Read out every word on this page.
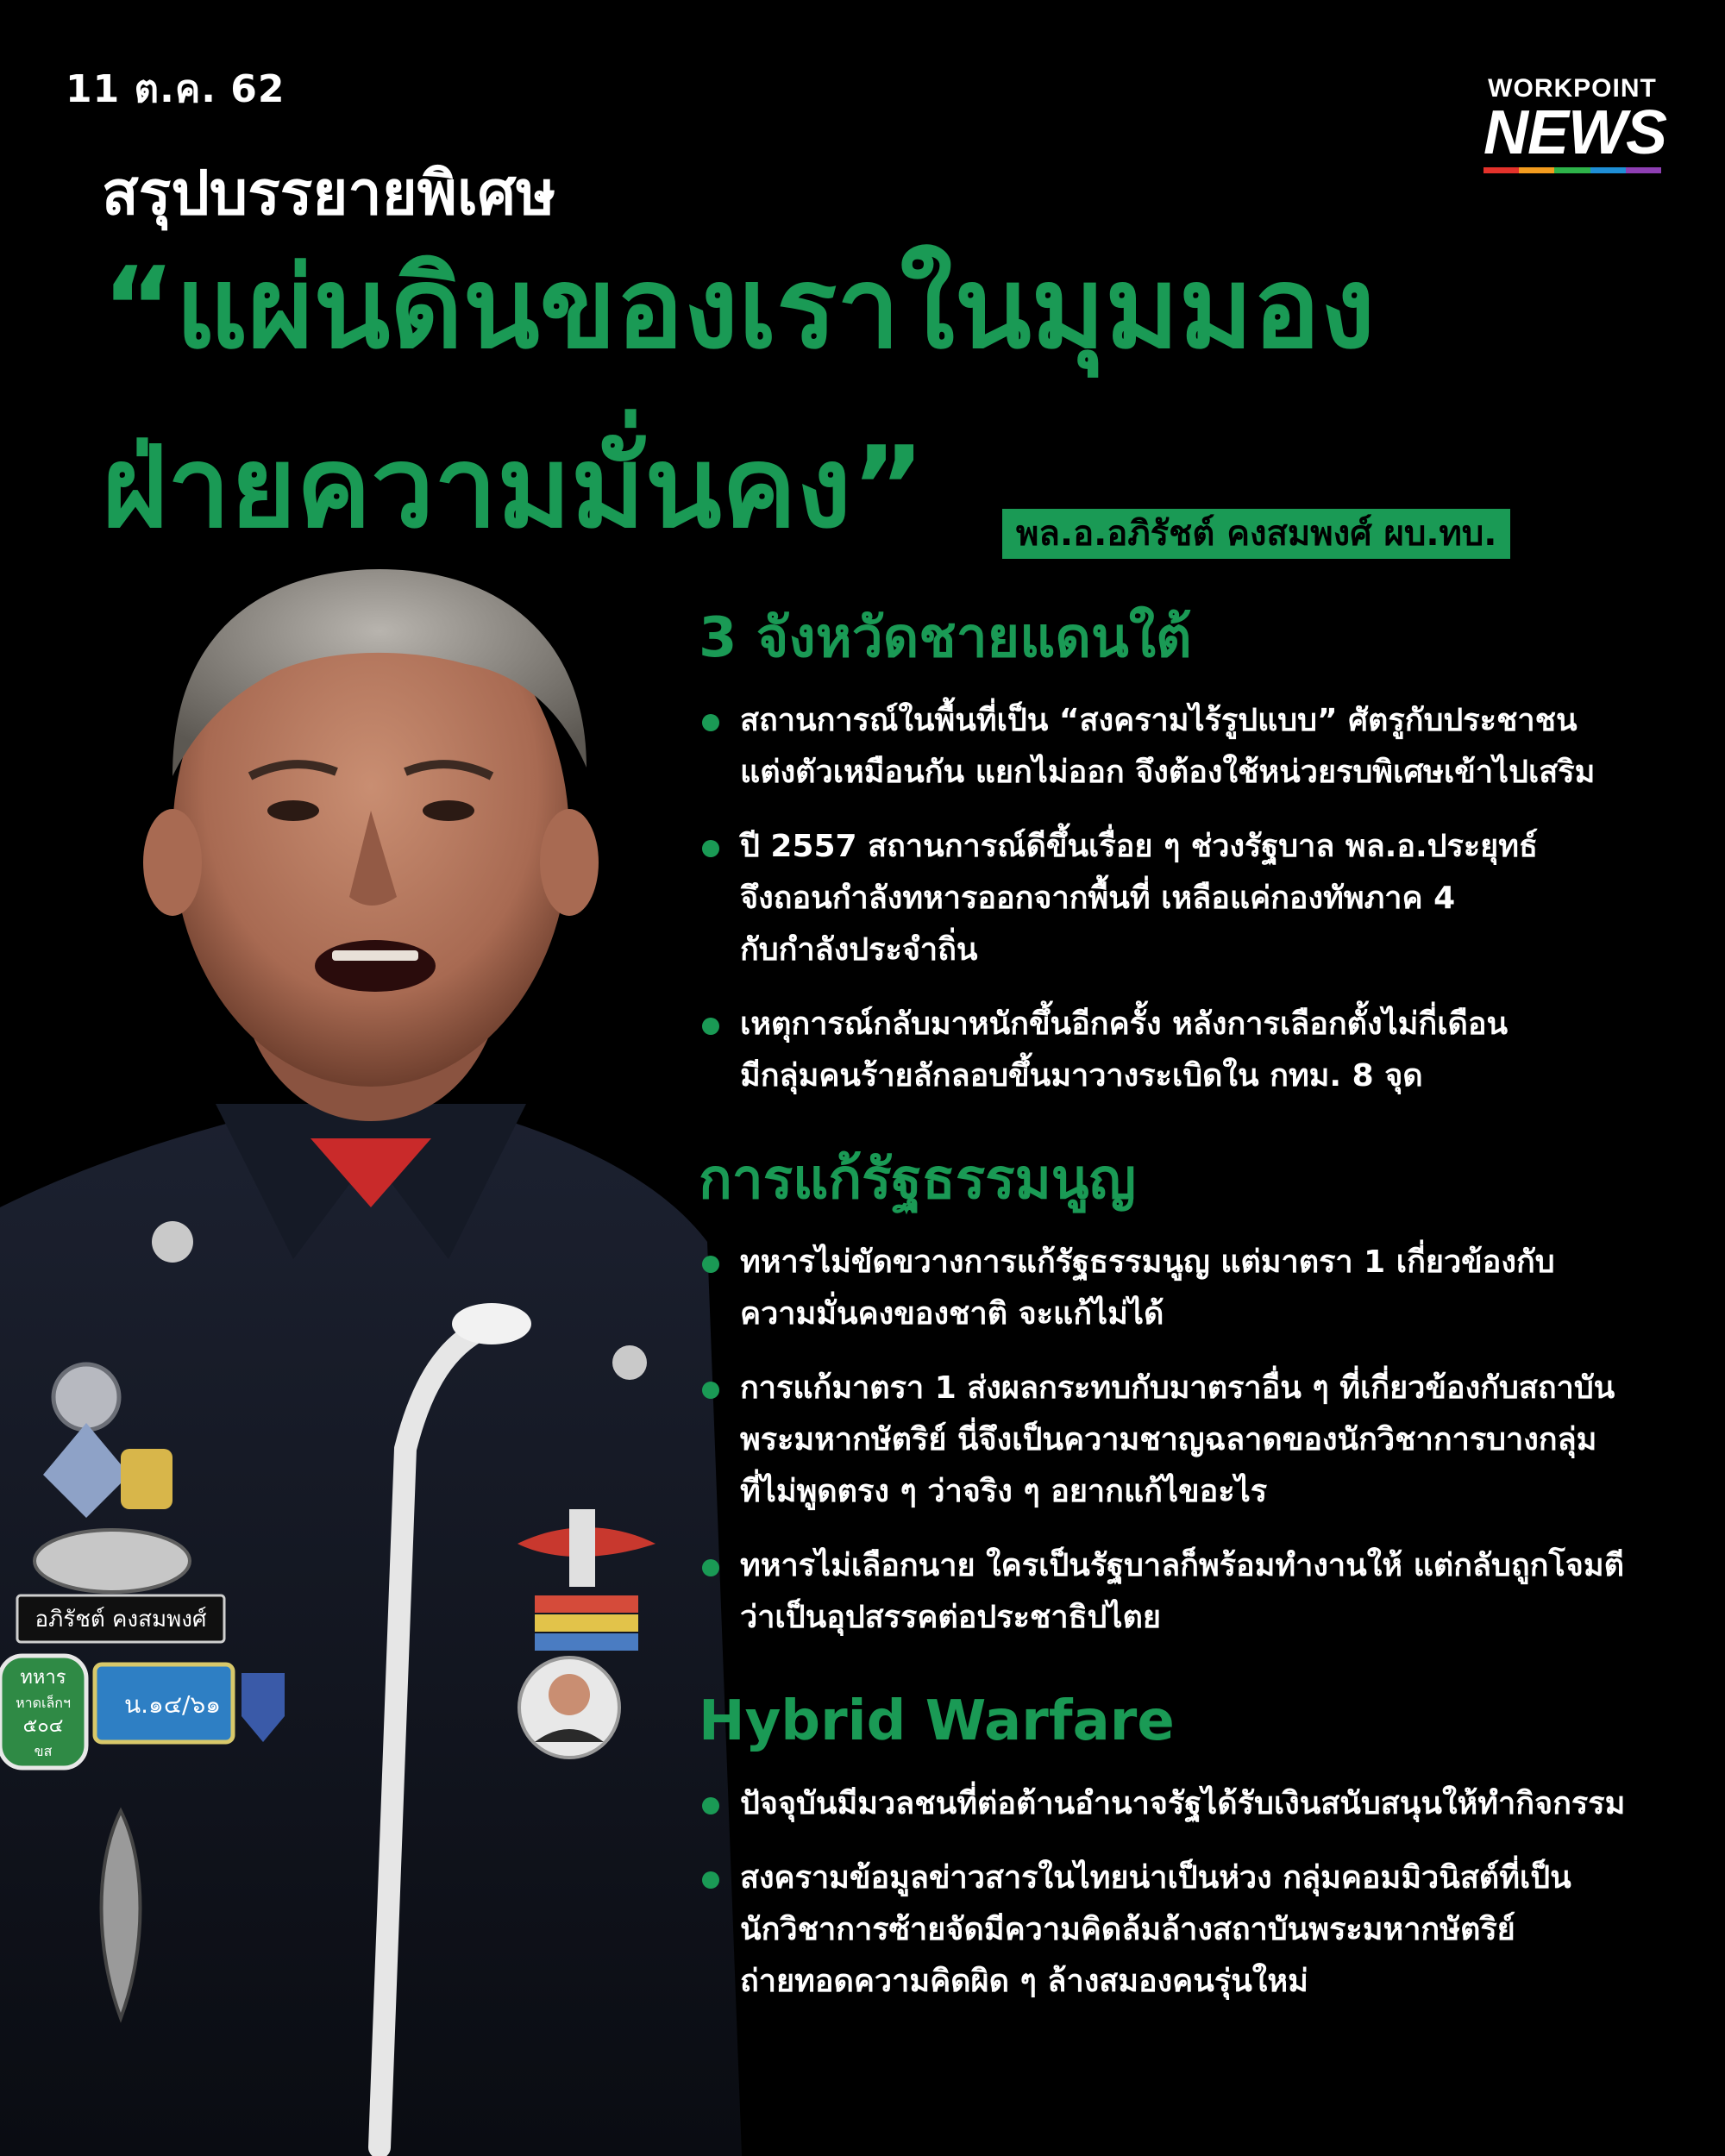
11 ต.ค. 62	WORKPOINT
NEWS
สรุปบรรยายพิเศษ
“แผ่นดินของเราในมุมมอง
ฝ่ายความมั่นคง”	พล.อ.อภิรัชต์ คงสมพงศ์ ผบ.ทบ.
อภิรัชต์ คงสมพงศ์
ทหาร
หาดเล็กฯ
๕๐๔
ขส
น.๑๔/๖๑
3 จังหวัดชายแดนใต้
สถานการณ์ในพื้นที่เป็น “สงครามไร้รูปแบบ” ศัตรูกับประชาชน
แต่งตัวเหมือนกัน แยกไม่ออก จึงต้องใช้หน่วยรบพิเศษเข้าไปเสริม
ปี 2557 สถานการณ์ดีขึ้นเรื่อย ๆ ช่วงรัฐบาล พล.อ.ประยุทธ์
จึงถอนกำลังทหารออกจากพื้นที่ เหลือแค่กองทัพภาค 4
กับกำลังประจำถิ่น
เหตุการณ์กลับมาหนักขึ้นอีกครั้ง หลังการเลือกตั้งไม่กี่เดือน
มีกลุ่มคนร้ายลักลอบขึ้นมาวางระเบิดใน กทม. 8 จุด
การแก้รัฐธรรมนูญ
ทหารไม่ขัดขวางการแก้รัฐธรรมนูญ แต่มาตรา 1 เกี่ยวข้องกับ
ความมั่นคงของชาติ จะแก้ไม่ได้
การแก้มาตรา 1 ส่งผลกระทบกับมาตราอื่น ๆ ที่เกี่ยวข้องกับสถาบัน
พระมหากษัตริย์ นี่จึงเป็นความชาญฉลาดของนักวิชาการบางกลุ่ม
ที่ไม่พูดตรง ๆ ว่าจริง ๆ อยากแก้ไขอะไร
ทหารไม่เลือกนาย ใครเป็นรัฐบาลก็พร้อมทำงานให้ แต่กลับถูกโจมตี
ว่าเป็นอุปสรรคต่อประชาธิปไตย
Hybrid Warfare
ปัจจุบันมีมวลชนที่ต่อต้านอำนาจรัฐได้รับเงินสนับสนุนให้ทำกิจกรรม
สงครามข้อมูลข่าวสารในไทยน่าเป็นห่วง กลุ่มคอมมิวนิสต์ที่เป็น
นักวิชาการซ้ายจัดมีความคิดล้มล้างสถาบันพระมหากษัตริย์
ถ่ายทอดความคิดผิด ๆ ล้างสมองคนรุ่นใหม่
